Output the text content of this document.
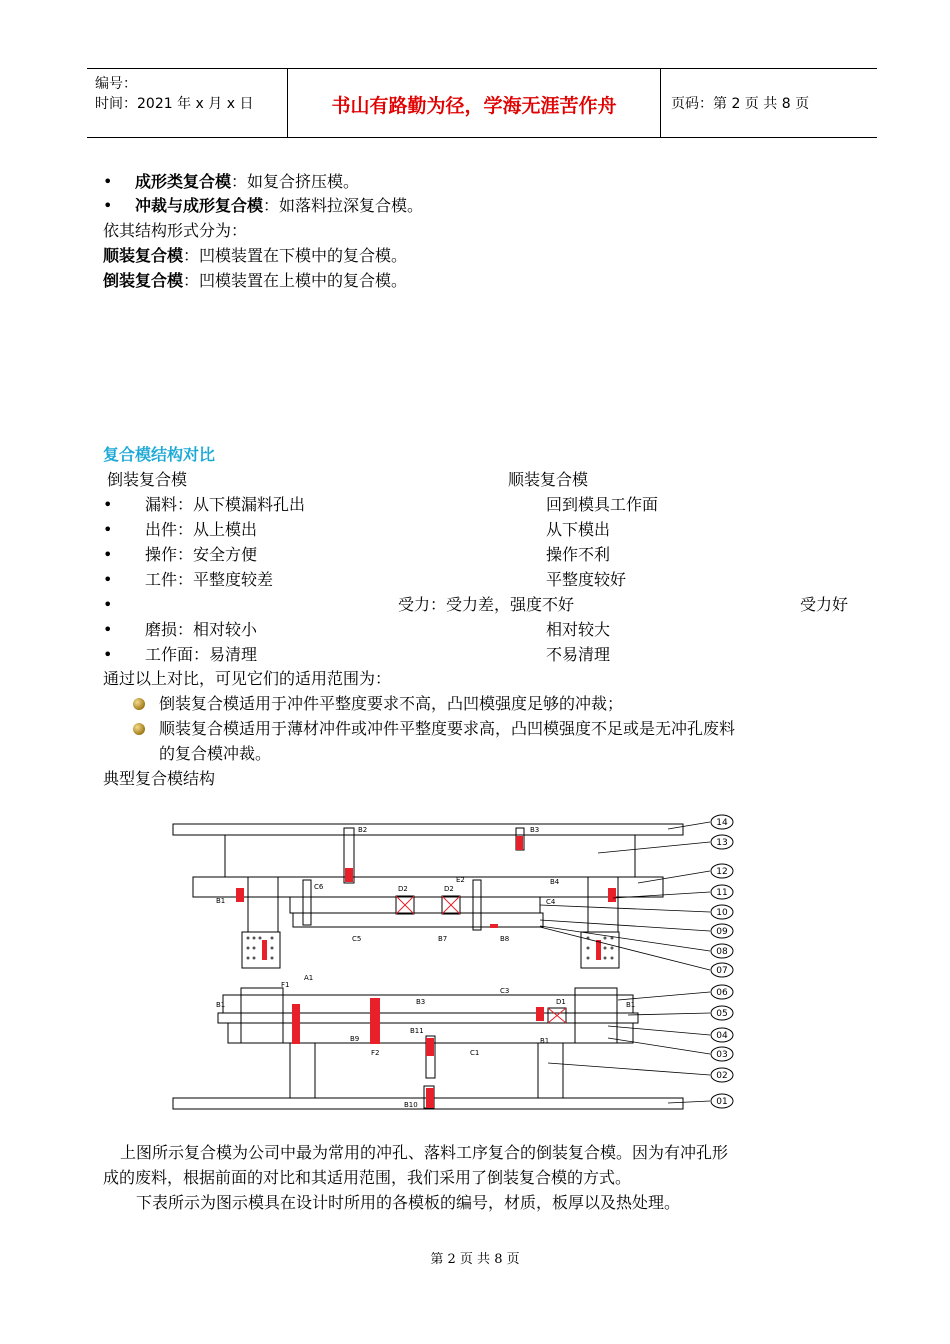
编号：
时间：2021 年 x 月 x 日	书山有路勤为径，学海无涯苦作舟	页码：第 2 页 共 8 页
• 成形类复合模：如复合挤压模。
• 冲裁与成形复合模：如落料拉深复合模。
依其结构形式分为：
顺装复合模：凹模装置在下模中的复合模。
倒装复合模：凹模装置在上模中的复合模。
复合模结构对比
倒装复合模	顺装复合模
• 漏料：从下模漏料孔出	回到模具工作面
• 出件：从上模出	从下模出
• 操作：安全方便	操作不利
• 工件：平整度较差	平整度较好
•	受力：受力差，强度不好	受力好
• 磨损：相对较小	相对较大
• 工作面：易清理	不易清理
通过以上对比，可见它们的适用范围为：
倒装复合模适用于冲件平整度要求不高，凸凹模强度足够的冲裁；
顺装复合模适用于薄材冲件或冲件平整度要求高，凸凹模强度不足或是无冲孔废料
的复合模冲裁。
典型复合模结构
14
13
12
11
10
09
08
07
06
05
04
03
02
01
B2	B3
C6	D2	D2
E2	B4
B1	C4
C5	B7	B8
F1
A1
C3
D1
B3
B1	B1
B11
B9
F2	C1
B1
B10
上图所示复合模为公司中最为常用的冲孔、落料工序复合的倒装复合模。因为有冲孔形
成的废料，根据前面的对比和其适用范围，我们采用了倒装复合模的方式。
下表所示为图示模具在设计时所用的各模板的编号，材质，板厚以及热处理。
第 2 页 共 8 页
